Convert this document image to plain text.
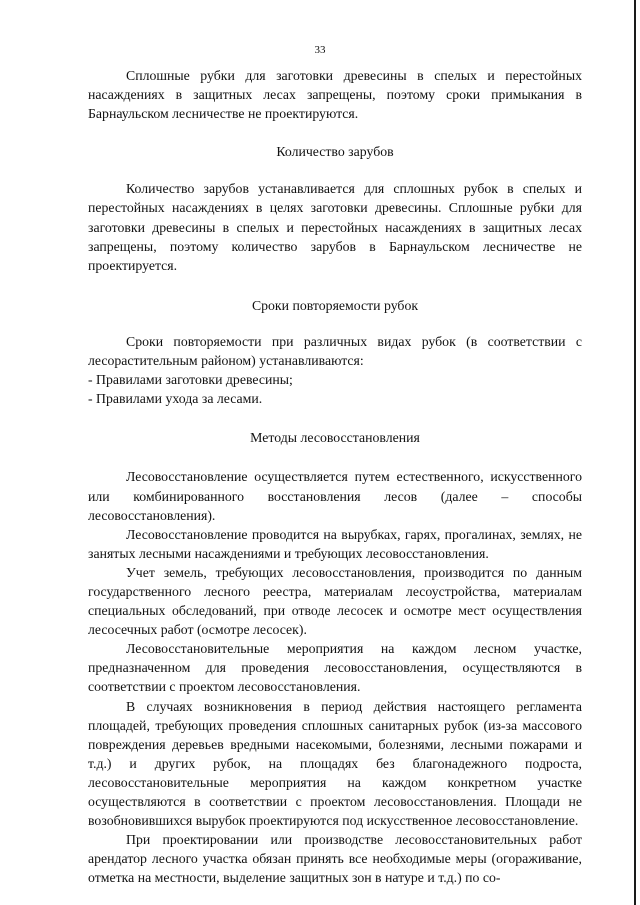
33

Сплошные рубки для заготовки древесины в спелых и перестойных насаждениях в защитных лесах запрещены, поэтому сроки примыкания в Барнаульском лесничестве не проектируются.

Количество зарубов

Количество зарубов устанавливается для сплошных рубок в спелых и перестойных насаждениях в целях заготовки древесины. Сплошные рубки для заготовки древесины в спелых и перестойных насаждениях в защитных лесах запрещены, поэтому количество зарубов в Барнаульском лесничестве не проектируется.

Сроки повторяемости рубок

Сроки повторяемости при различных видах рубок (в соответствии с лесорастительным районом) устанавливаются:

- Правилами заготовки древесины;

- Правилами ухода за лесами.

Методы лесовосстановления

Лесовосстановление осуществляется путем естественного, искусственного или комбинированного восстановления лесов (далее – способы лесовосстановления).

Лесовосстановление проводится на вырубках, гарях, прогалинах, землях, не занятых лесными насаждениями и требующих лесовосстановления.

Учет земель, требующих лесовосстановления, производится по данным государственного лесного реестра, материалам лесоустройства, материалам специальных обследований, при отводе лесосек и осмотре мест осуществления лесосечных работ (осмотре лесосек).

Лесовосстановительные мероприятия на каждом лесном участке, предназначенном для проведения лесовосстановления, осуществляются в соответствии с проектом лесовосстановления.

В случаях возникновения в период действия настоящего регламента площадей, требующих проведения сплошных санитарных рубок (из-за массового повреждения деревьев вредными насекомыми, болезнями, лесными пожарами и т.д.) и других рубок, на площадях без благонадежного подроста, лесовосстановительные мероприятия на каждом конкретном участке осуществляются в соответствии с проектом лесовосстановления. Площади не возобновившихся вырубок проектируются под искусственное лесовосстановление.

При проектировании или производстве лесовосстановительных работ арендатор лесного участка обязан принять все необходимые меры (огораживание, отметка на местности, выделение защитных зон в натуре и т.д.) по со-
